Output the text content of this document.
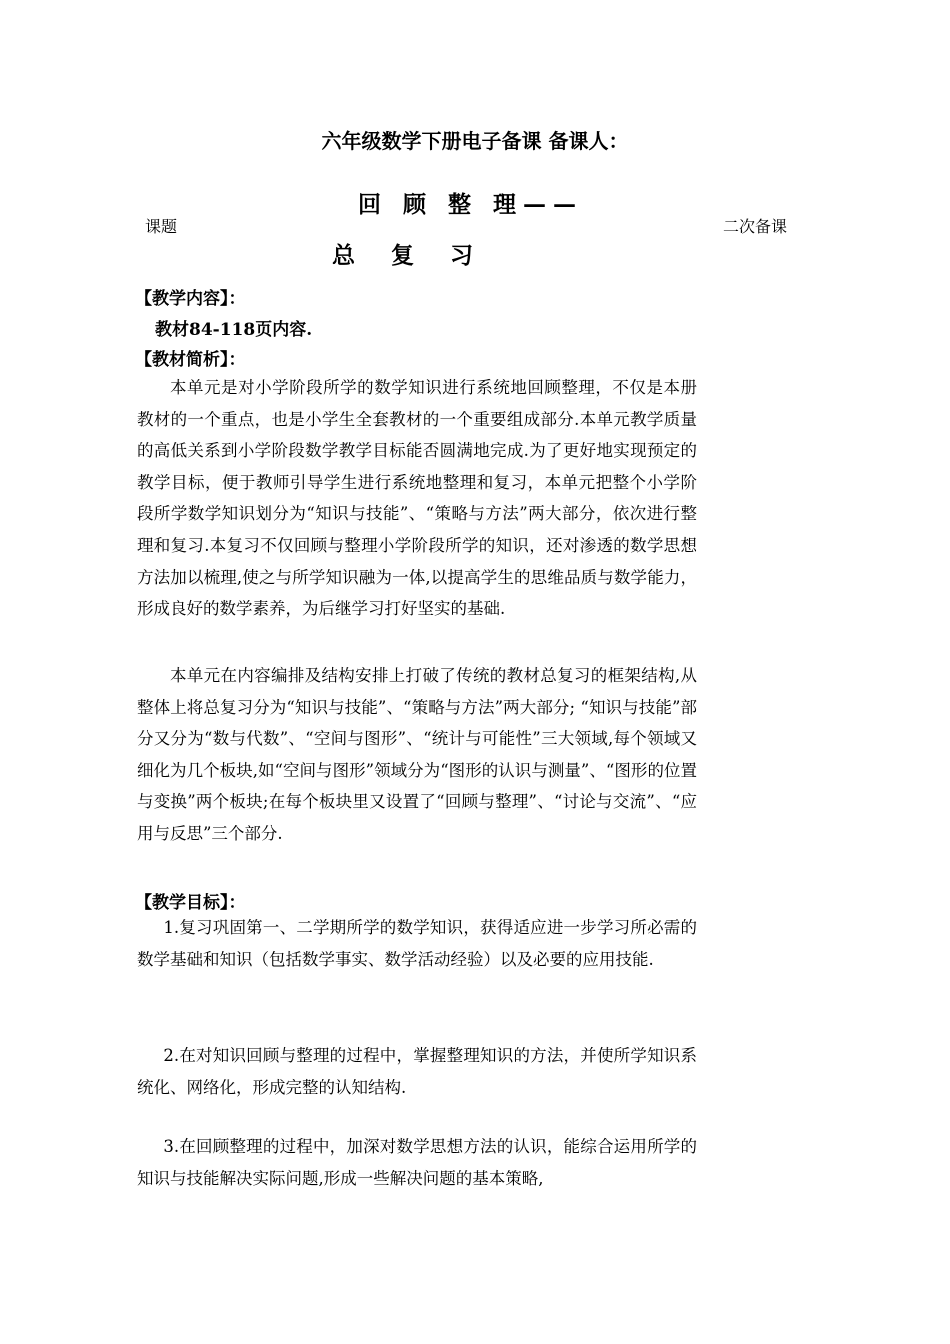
六年级数学下册电子备课 备课人：
回 顾 整 理——
课题	二次备课
总 复 习
【教学内容】：
教材84-118页内容.
【教材简析】：
本单元是对小学阶段所学的数学知识进行系统地回顾整理，不仅是本册教材的一个重点，也是小学生全套教材的一个重要组成部分.本单元教学质量的高低关系到小学阶段数学教学目标能否圆满地完成.为了更好地实现预定的教学目标，便于教师引导学生进行系统地整理和复习，本单元把整个小学阶段所学数学知识划分为“知识与技能”、“策略与方法”两大部分，依次进行整理和复习.本复习不仅回顾与整理小学阶段所学的知识，还对渗透的数学思想方法加以梳理,使之与所学知识融为一体,以提高学生的思维品质与数学能力，形成良好的数学素养，为后继学习打好坚实的基础.
本单元在内容编排及结构安排上打破了传统的教材总复习的框架结构,从整体上将总复习分为“知识与技能”、“策略与方法”两大部分; “知识与技能”部分又分为“数与代数”、“空间与图形”、“统计与可能性”三大领域,每个领域又细化为几个板块,如“空间与图形”领域分为“图形的认识与测量”、“图形的位置与变换”两个板块;在每个板块里又设置了“回顾与整理”、“讨论与交流”、“应用与反思”三个部分.
【教学目标】：
1.复习巩固第一、二学期所学的数学知识，获得适应进一步学习所必需的数学基础和知识（包括数学事实、数学活动经验）以及必要的应用技能.
2.在对知识回顾与整理的过程中，掌握整理知识的方法，并使所学知识系统化、网络化，形成完整的认知结构.
3.在回顾整理的过程中，加深对数学思想方法的认识，能综合运用所学的知识与技能解决实际问题,形成一些解决问题的基本策略,
